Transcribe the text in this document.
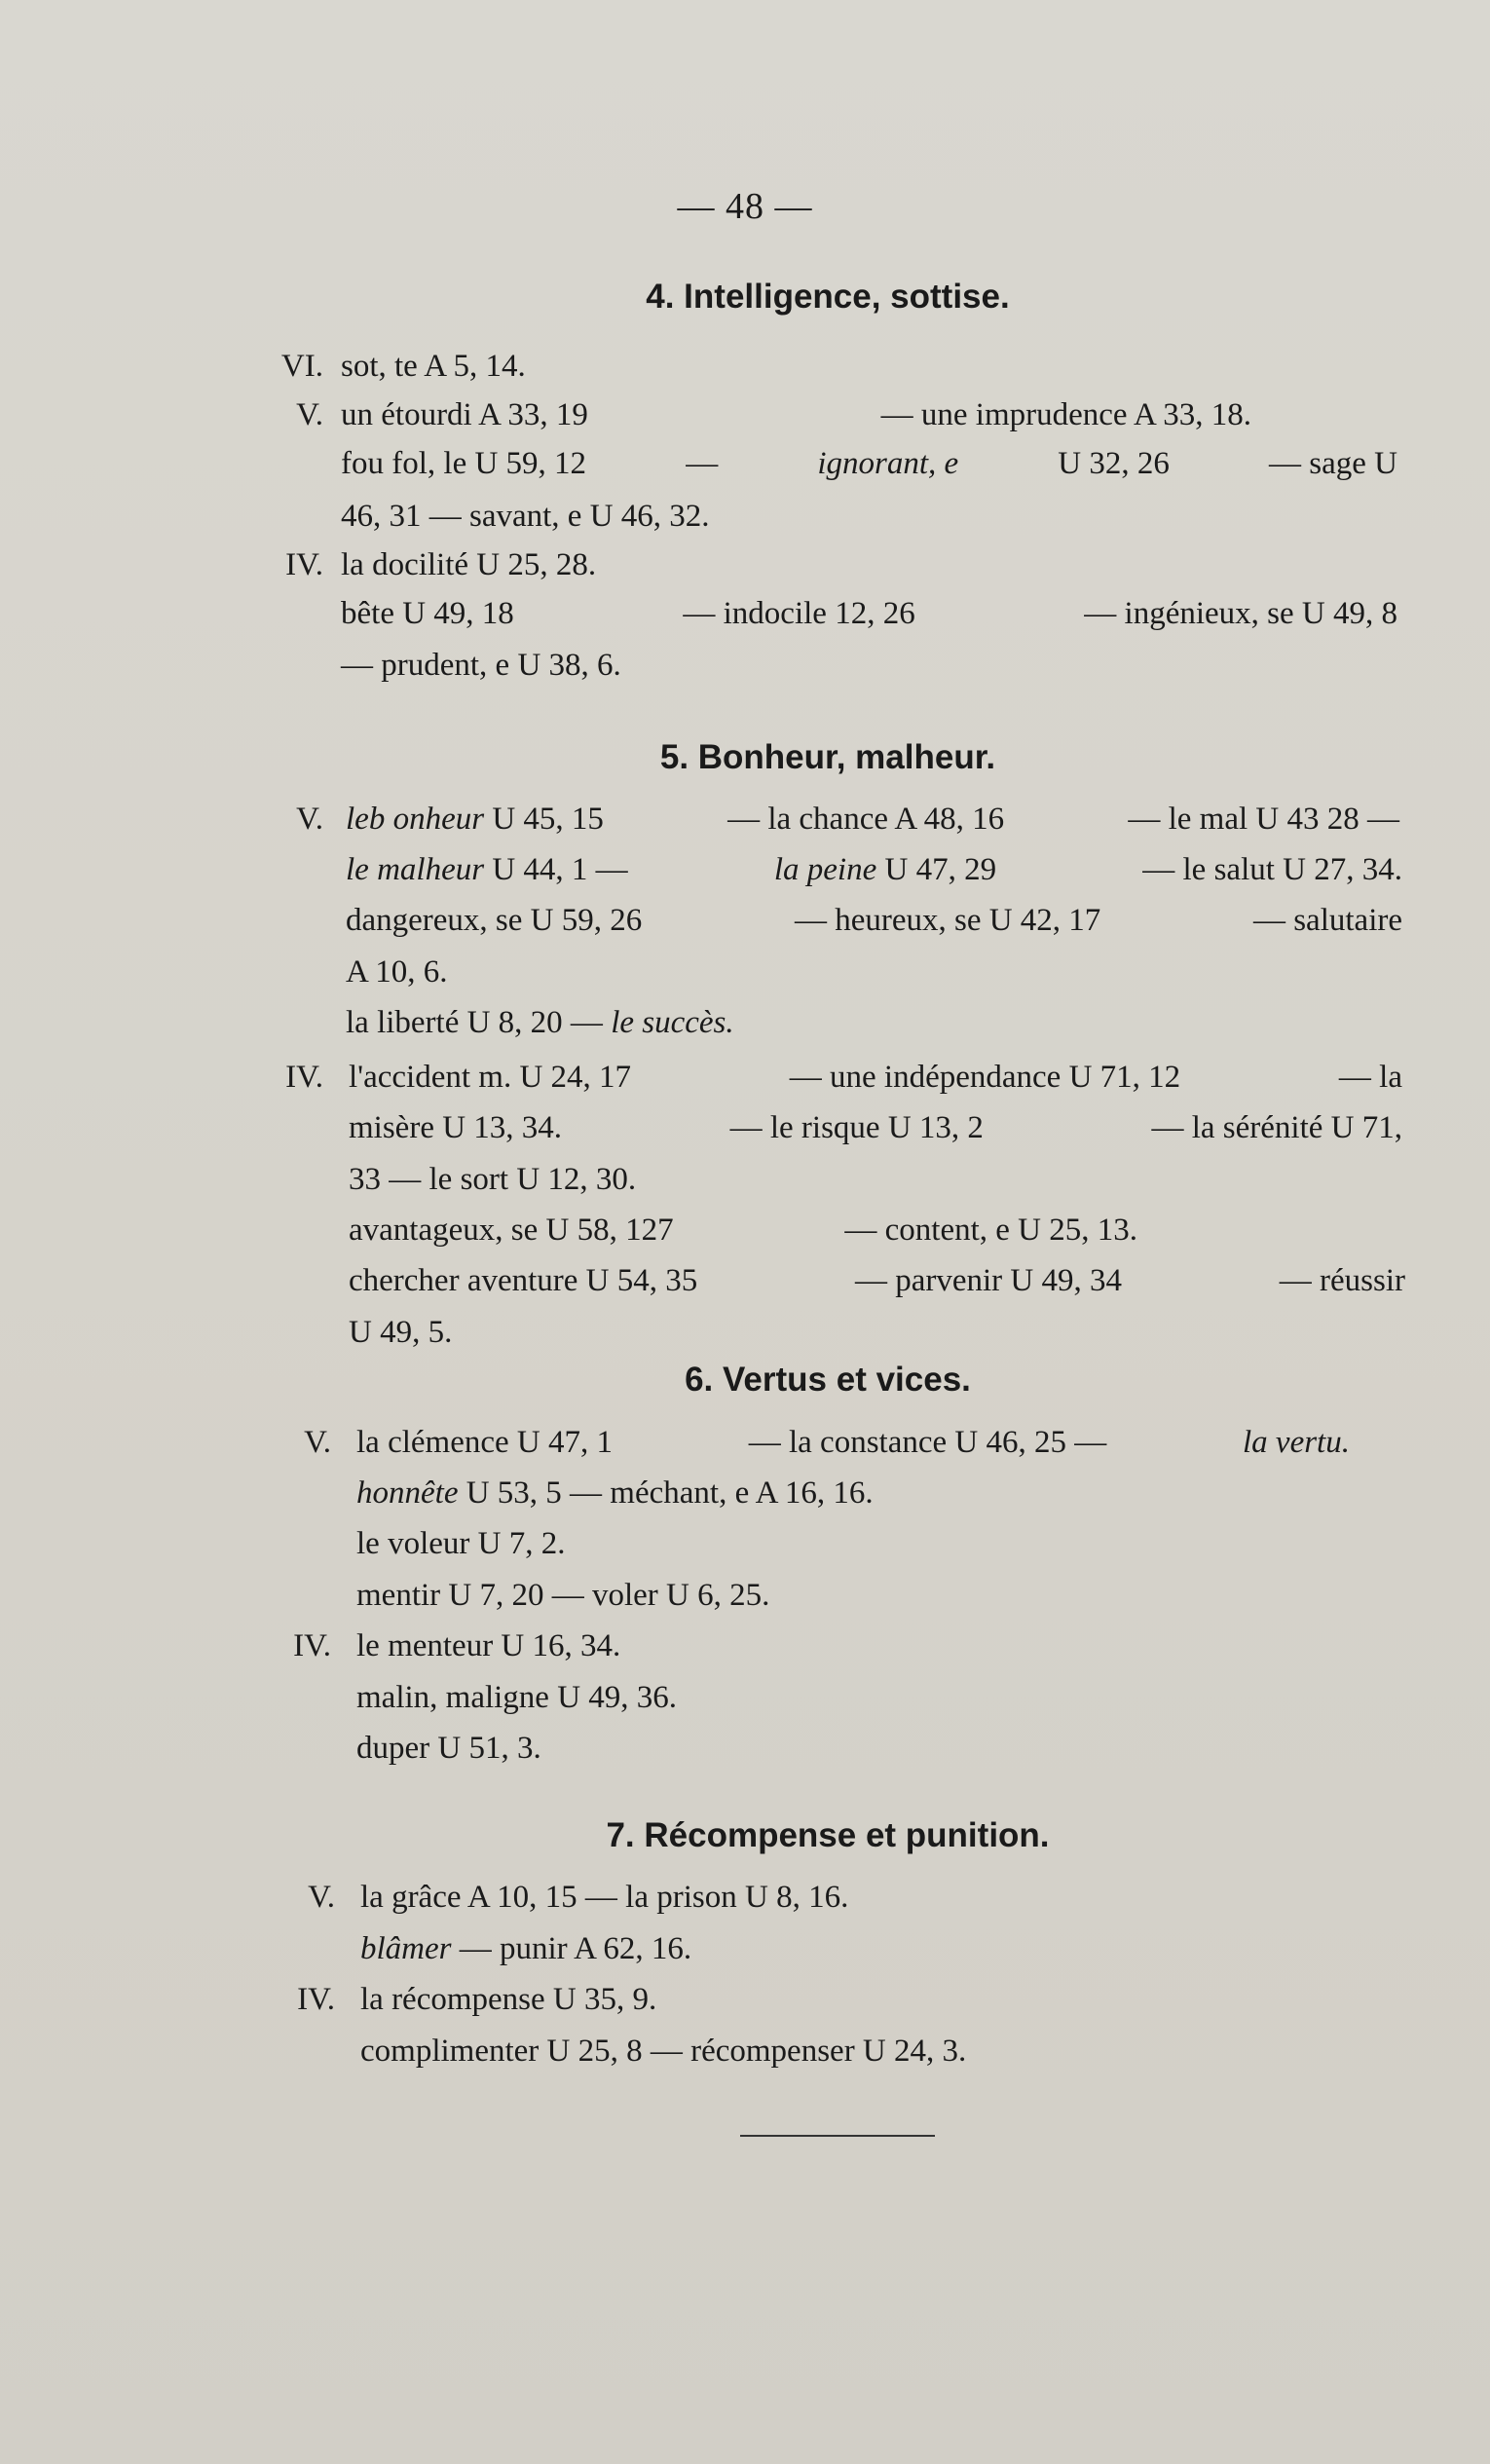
— 48 —
4. Intelligence, sottise.
VI. sot, te A 5, 14.
V. un étourdi A 33, 19	— une imprudence A 33, 18.
fou fol, le U 59, 12	—	ignorant, e	U 32, 26	— sage U
46, 31 — savant, e U 46, 32.
IV. la docilité U 25, 28.
bête U 49, 18	— indocile 12, 26	— ingénieux, se U 49, 8
— prudent, e U 38, 6.
5. Bonheur, malheur.
V. leb onheur U 45, 15	— la chance A 48, 16	— le mal U 43 28 —
le malheur U 44, 1 —	la peine U 47, 29	— le salut U 27, 34.
dangereux, se U 59, 26	— heureux, se U 42, 17	— salutaire
A 10, 6.
la liberté U 8, 20 — le succès.
IV. l'accident m. U 24, 17	— une indépendance U 71, 12	— la
misère U 13, 34.	— le risque U 13, 2	— la sérénité U 71,
33 — le sort U 12, 30.
avantageux, se U 58, 127	— content, e U 25, 13.
chercher aventure U 54, 35	— parvenir U 49, 34	— réussir
U 49, 5.
6. Vertus et vices.
V. la clémence U 47, 1	— la constance U 46, 25 —	la vertu.
honnête U 53, 5 — méchant, e A 16, 16.
le voleur U 7, 2.
mentir U 7, 20 — voler U 6, 25.
IV. le menteur U 16, 34.
malin, maligne U 49, 36.
duper U 51, 3.
7. Récompense et punition.
V. la grâce A 10, 15 — la prison U 8, 16.
blâmer — punir A 62, 16.
IV. la récompense U 35, 9.
complimenter U 25, 8 — récompenser U 24, 3.
